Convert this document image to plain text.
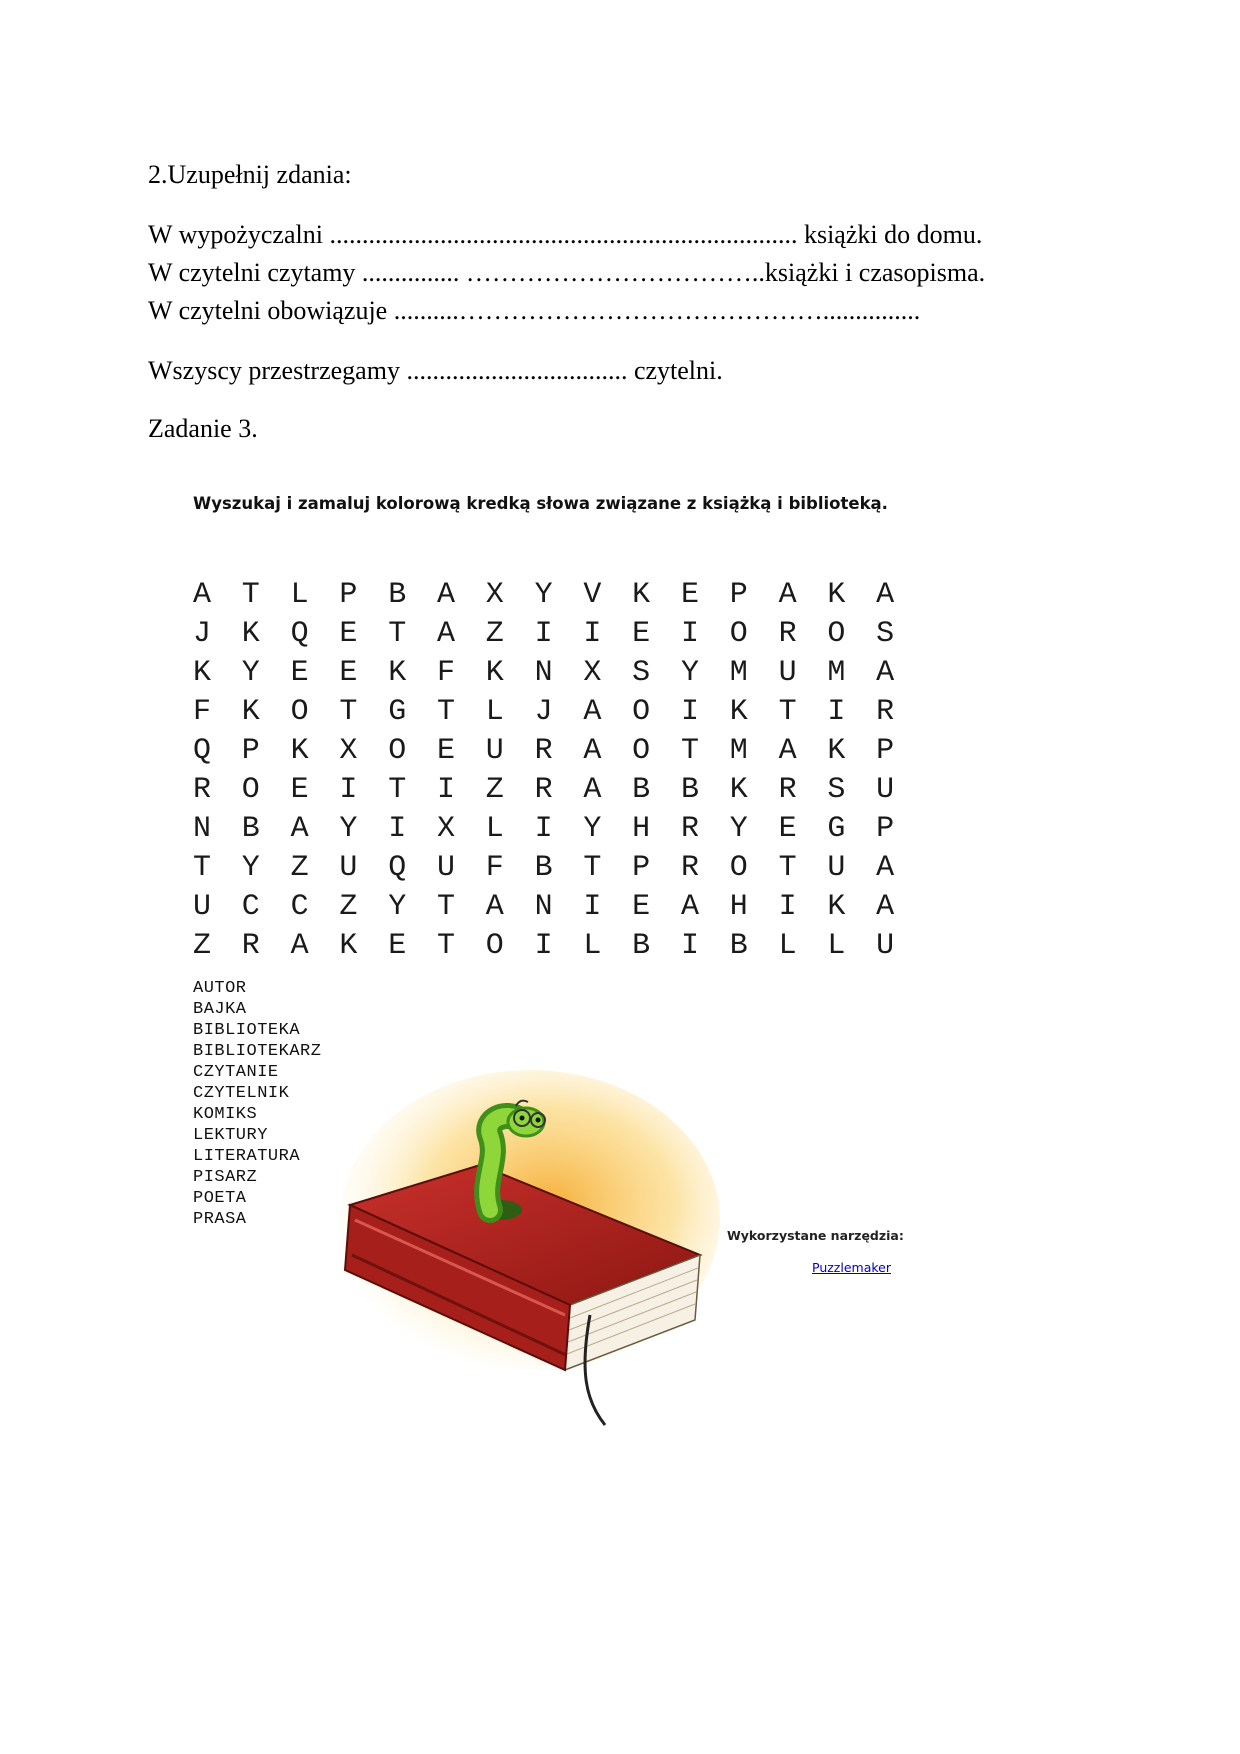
2.Uzupełnij zdania:
W wypożyczalni ........................................................................ książki do domu.
W czytelni czytamy ............... ……………………………..książki i czasopisma.
W czytelni obowiązuje ..........……………………………………...............
Wszyscy przestrzegamy .................................. czytelni.
Zadanie 3.
Wyszukaj i zamaluj kolorową kredką słowa związane z książką i biblioteką.
A	T	L	P	B	A	X	Y	V	K	E	P	A	K	A
J	K	Q	E	T	A	Z	I	I	E	I	O	R	O	S
K	Y	E	E	K	F	K	N	X	S	Y	M	U	M	A
F	K	O	T	G	T	L	J	A	O	I	K	T	I	R
Q	P	K	X	O	E	U	R	A	O	T	M	A	K	P
R	O	E	I	T	I	Z	R	A	B	B	K	R	S	U
N	B	A	Y	I	X	L	I	Y	H	R	Y	E	G	P
T	Y	Z	U	Q	U	F	B	T	P	R	O	T	U	A
U	C	C	Z	Y	T	A	N	I	E	A	H	I	K	A
Z	R	A	K	E	T	O	I	L	B	I	B	L	L	U
AUTOR
BAJKA
BIBLIOTEKA
BIBLIOTEKARZ
CZYTANIE
CZYTELNIK
KOMIKS
LEKTURY
LITERATURA
PISARZ
POETA
PRASA
Wykorzystane narzędzia:
Puzzlemaker
